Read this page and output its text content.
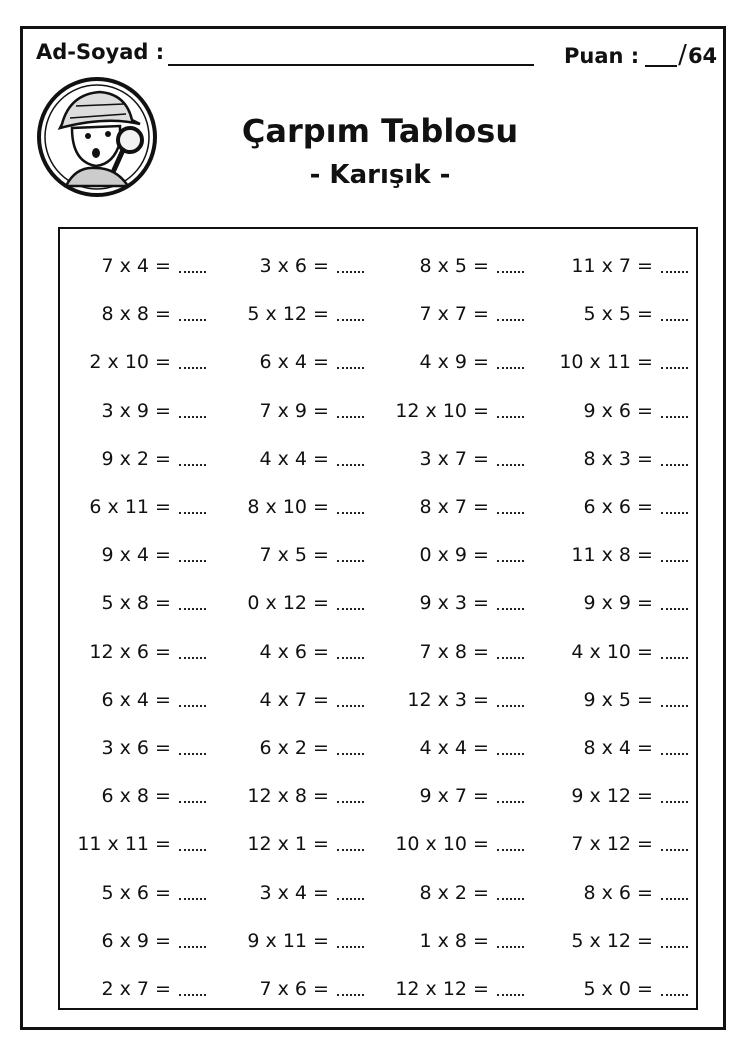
Ad-Soyad :	Puan : /64
Çarpım Tablosu
- Karışık -
7 x 4 =
8 x 8 =
2 x 10 =
3 x 9 =
9 x 2 =
6 x 11 =
9 x 4 =
5 x 8 =
12 x 6 =
6 x 4 =
3 x 6 =
6 x 8 =
11 x 11 =
5 x 6 =
6 x 9 =
2 x 7 =
3 x 6 =
5 x 12 =
6 x 4 =
7 x 9 =
4 x 4 =
8 x 10 =
7 x 5 =
0 x 12 =
4 x 6 =
4 x 7 =
6 x 2 =
12 x 8 =
12 x 1 =
3 x 4 =
9 x 11 =
7 x 6 =
8 x 5 =
7 x 7 =
4 x 9 =
12 x 10 =
3 x 7 =
8 x 7 =
0 x 9 =
9 x 3 =
7 x 8 =
12 x 3 =
4 x 4 =
9 x 7 =
10 x 10 =
8 x 2 =
1 x 8 =
12 x 12 =
11 x 7 =
5 x 5 =
10 x 11 =
9 x 6 =
8 x 3 =
6 x 6 =
11 x 8 =
9 x 9 =
4 x 10 =
9 x 5 =
8 x 4 =
9 x 12 =
7 x 12 =
8 x 6 =
5 x 12 =
5 x 0 =
